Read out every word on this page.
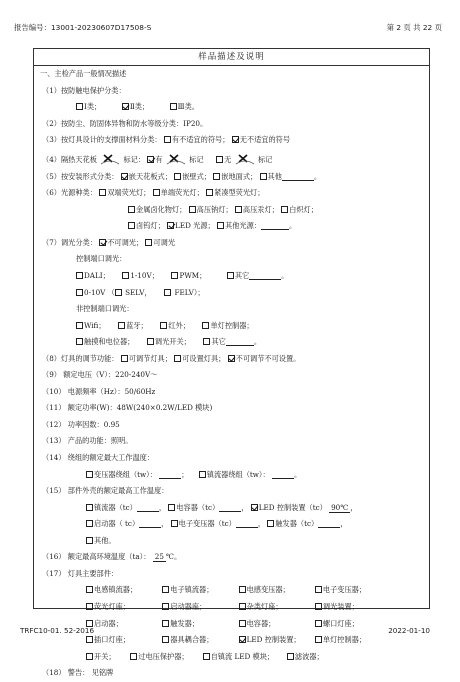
报告编号：13001-20230607D17508-S	第 2 页 共 22 页
样品描述及说明
一、主检产品一般情况描述
（1）按防触电保护分类：
Ⅰ类；	Ⅱ类；	Ⅲ类。
（2）按防尘、防固体异物和防水等级分类：IP20。
（3）按灯具设计的支撑面材料分类： 有不适宜的符号； 无不适宜的符号
（4）隔热天花板	标记： 有	标记	无	标记
（5）按安装形式分类： 嵌天花板式； 嵌壁式； 嵌地面式； 其他	。
（6）光源种类： 双端荧光灯； 单端荧光灯； 紧凑型荧光灯；
金属卤化物灯； 高压钠灯； 高压汞灯； 白炽灯；
卤钨灯； LED 光源； 其他光源：	。
（7）调光分类： 不可调光； 可调光
控制端口调光：
DALI；	1-10V；	PWM；	其它	。
0-10V （ SELV，	FELV）；
非控制端口调光：
Wifi；	蓝牙；	红外；	单灯控制器；
触摸和电位器；	调光开关；	其它	。
（8）灯具的调节功能： 可调节灯具； 可设置灯具； 不可调节不可设置。
（9） 额定电压（V）：220-240V～
（10） 电源频率（Hz）：50/60Hz
（11） 额定功率(W)：48W(240×0.2W/LED 模块)
（12） 功率因数：0.95
（13） 产品的功能：照明。
（14） 绕组的额定最大工作温度：
变压器绕组（tw）：	；	镇流器绕组（tw）：	。
（15） 部件外壳的额定最高工作温度：
镇流器（tc）	， 电容器（tc）	， LED 控制装置（tc） 90℃ ，
启动器（ tc）	， 电子变压器（tc）	， 触发器（tc）	，
其他。
（16） 额定最高环境温度（ta）： 25 ℃。
（17） 灯具主要部件：
电感镇流器；	电子镇流器；	电感变压器；	电子变压器；
荧光灯座；	启动器座；	杂类灯座；	调光装置；
启动器；	触发器；	电容器；	螺口灯座；
插口灯座；	器具耦合器；	LED 控制装置；	单灯控制器；
开关；	过电压保护器；	自镇流 LED 模块；	滤波器；
（18） 警告： 见铭牌
TRFC10-01. 52-2016	2022-01-10
